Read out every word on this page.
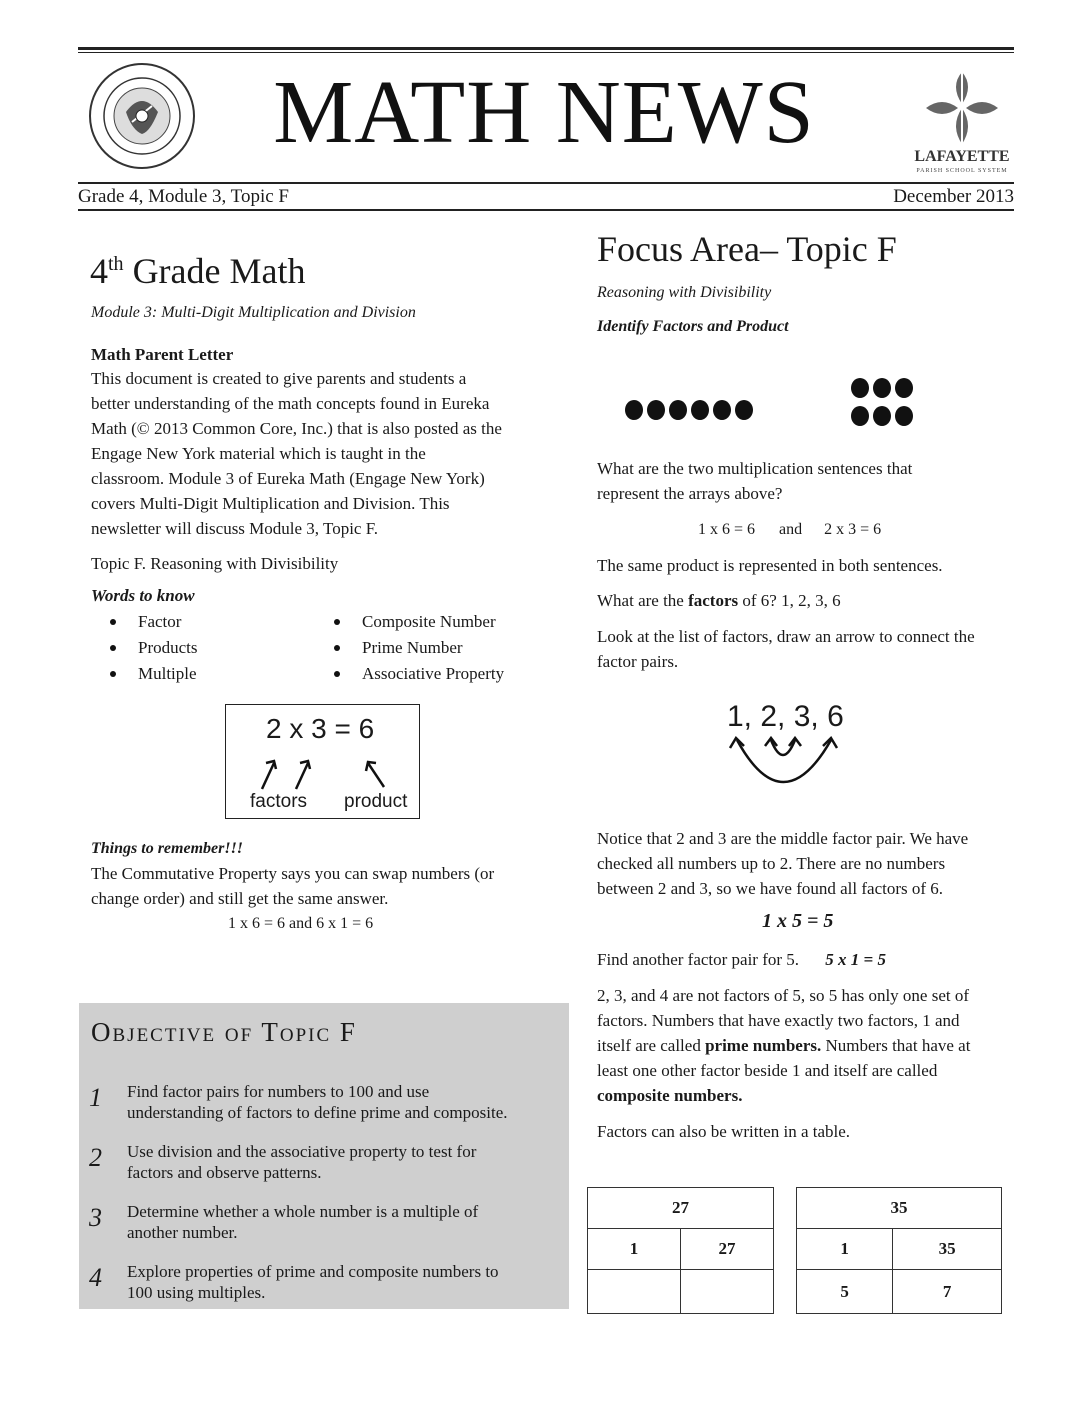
MATH NEWS	LAFAYETTE
PARISH SCHOOL SYSTEM
Grade 4, Module 3, Topic F	December 2013
4th Grade Math
Module 3: Multi-Digit Multiplication and Division
Math Parent Letter
This document is created to give parents and students a
better understanding of the math concepts found in Eureka
Math (© 2013 Common Core, Inc.) that is also posted as the
Engage New York material which is taught in the
classroom. Module 3 of Eureka Math (Engage New York)
covers Multi-Digit Multiplication and Division. This
newsletter will discuss Module 3, Topic F.
Topic F. Reasoning with Divisibility
Words to know
Factor
Products
Multiple
Composite Number
Prime Number
Associative Property
2 x 3 = 6
factors product
Things to remember!!!
The Commutative Property says you can swap numbers (or
change order) and still get the same answer.
1 x 6 = 6 and 6 x 1 = 6
Objective of Topic F
1 Find factor pairs for numbers to 100 and use
understanding of factors to define prime and composite.
2 Use division and the associative property to test for
factors and observe patterns.
3 Determine whether a whole number is a multiple of
another number.
4 Explore properties of prime and composite numbers to
100 using multiples.
Focus Area– Topic F
Reasoning with Divisibility
Identify Factors and Product
What are the two multiplication sentences that
represent the arrays above?
1 x 6 = 6 and 2 x 3 = 6
The same product is represented in both sentences.
What are the factors of 6? 1, 2, 3, 6
Look at the list of factors, draw an arrow to connect the
factor pairs.
1, 2, 3, 6
Notice that 2 and 3 are the middle factor pair. We have
checked all numbers up to 2. There are no numbers
between 2 and 3, so we have found all factors of 6.
1 x 5 = 5
Find another factor pair for 5. 5 x 1 = 5
2, 3, and 4 are not factors of 5, so 5 has only one set of
factors. Numbers that have exactly two factors, 1 and
itself are called prime numbers. Numbers that have at
least one other factor beside 1 and itself are called
composite numbers.
Factors can also be written in a table.
27	
1	27

35	
1	35
5	7
